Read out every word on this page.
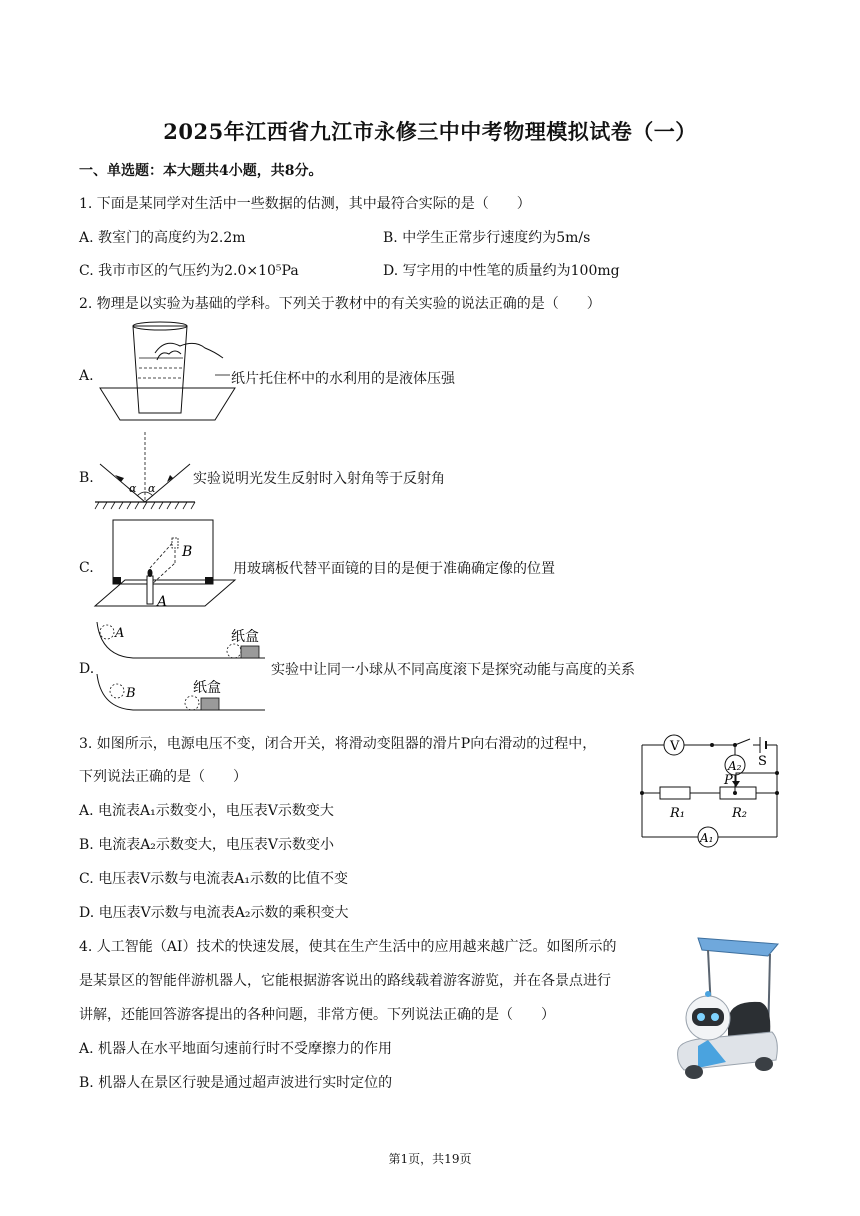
2025年江西省九江市永修三中中考物理模拟试卷（一）
一、单选题：本大题共4小题，共8分。
1. 下面是某同学对生活中一些数据的估测，其中最符合实际的是（　　）
A. 教室门的高度约为2.2m	B. 中学生正常步行速度约为5m/s
C. 我市市区的气压约为2.0×10⁵Pa	D. 写字用的中性笔的质量约为100mg
2. 物理是以实验为基础的学科。下列关于教材中的有关实验的说法正确的是（　　）
A.	纸片托住杯中的水利用的是液体压强
B.
α α
实验说明光发生反射时入射角等于反射角
C.
B
A
用玻璃板代替平面镜的目的是便于准确确定像的位置
D.
A	纸盒
B	纸盒
实验中让同一小球从不同高度滚下是探究动能与高度的关系
3. 如图所示，电源电压不变，闭合开关，将滑动变阻器的滑片P向右滑动的过程中，
下列说法正确的是（　　）
A. 电流表A₁示数变小，电压表V示数变大
B. 电流表A₂示数变大，电压表V示数变小
C. 电压表V示数与电流表A₁示数的比值不变
D. 电压表V示数与电流表A₂示数的乘积变大
V
A₂
A₁
S
P
R₁	R₂
4. 人工智能（AI）技术的快速发展，使其在生产生活中的应用越来越广泛。如图所示的
是某景区的智能伴游机器人，它能根据游客说出的路线载着游客游览，并在各景点进行
讲解，还能回答游客提出的各种问题，非常方便。下列说法正确的是（　　）
A. 机器人在水平地面匀速前行时不受摩擦力的作用
B. 机器人在景区行驶是通过超声波进行实时定位的
第1页，共19页
